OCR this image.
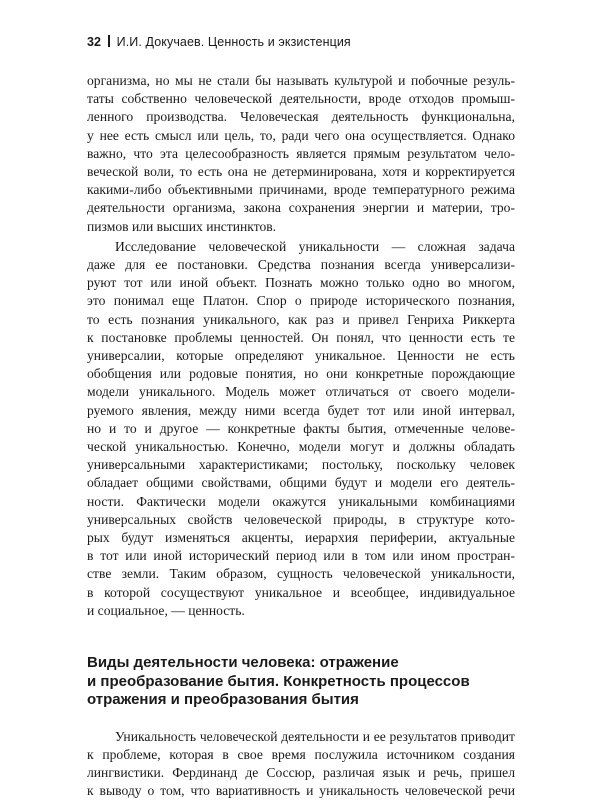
32 И.И. Докучаев. Ценность и экзистенция

организма, но мы не стали бы называть культурой и побочные резуль-
таты собственно человеческой деятельности, вроде отходов промыш-
ленного производства. Человеческая деятельность функциональна,
у нее есть смысл или цель, то, ради чего она осуществляется. Однако
важно, что эта целесообразность является прямым результатом чело-
веческой воли, то есть она не детерминирована, хотя и корректируется
какими-либо объективными причинами, вроде температурного режима
деятельности организма, закона сохранения энергии и материи, тро-
пизмов или высших инстинктов.

Исследование человеческой уникальности — сложная задача
даже для ее постановки. Средства познания всегда универсализи-
руют тот или иной объект. Познать можно только одно во многом,
это понимал еще Платон. Спор о природе исторического познания,
то есть познания уникального, как раз и привел Генриха Риккерта
к постановке проблемы ценностей. Он понял, что ценности есть те
универсалии, которые определяют уникальное. Ценности не есть
обобщения или родовые понятия, но они конкретные порождающие
модели уникального. Модель может отличаться от своего модели-
руемого явления, между ними всегда будет тот или иной интервал,
но и то и другое — конкретные факты бытия, отмеченные челове-
ческой уникальностью. Конечно, модели могут и должны обладать
универсальными характеристиками; постольку, поскольку человек
обладает общими свойствами, общими будут и модели его деятель-
ности. Фактически модели окажутся уникальными комбинациями
универсальных свойств человеческой природы, в структуре кото-
рых будут изменяться акценты, иерархия периферии, актуальные
в тот или иной исторический период или в том или ином простран-
стве земли. Таким образом, сущность человеческой уникальности,
в которой сосуществуют уникальное и всеобщее, индивидуальное
и социальное, — ценность.

Виды деятельности человека: отражение
и преобразование бытия. Конкретность процессов
отражения и преобразования бытия

Уникальность человеческой деятельности и ее результатов приводит
к проблеме, которая в свое время послужила источником создания
лингвистики. Фердинанд де Соссюр, различая язык и речь, пришел
к выводу о том, что вариативность и уникальность человеческой речи
